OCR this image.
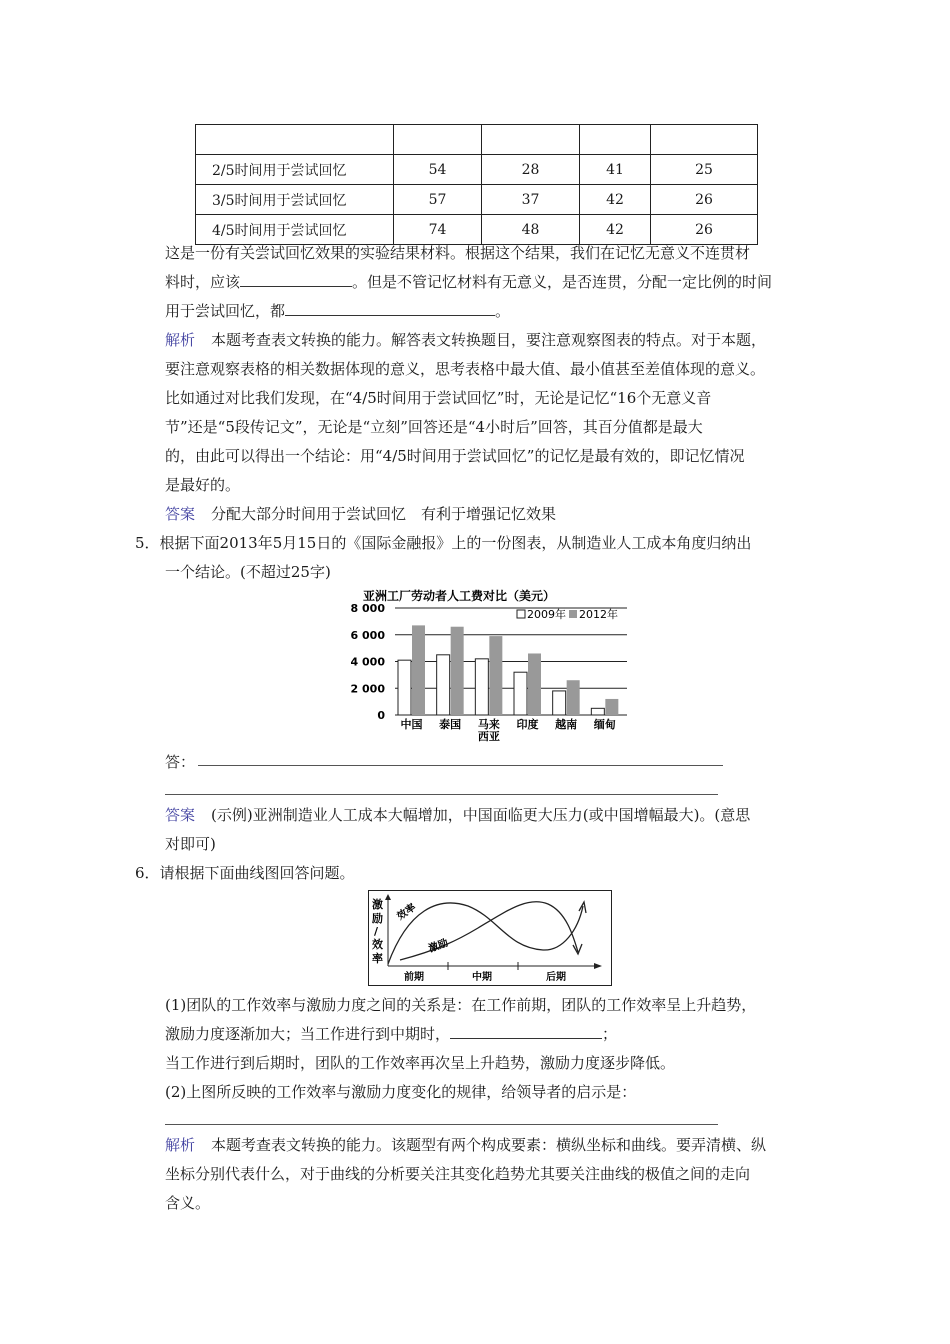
2/5时间用于尝试回忆	54	28	41	25
3/5时间用于尝试回忆	57	37	42	26
4/5时间用于尝试回忆	74	48	42	26
这是一份有关尝试回忆效果的实验结果材料。根据这个结果，我们在记忆无意义不连贯材
料时，应该	。但是不管记忆材料有无意义，是否连贯，分配一定比例的时间
用于尝试回忆，都	。
解析 本题考查表文转换的能力。解答表文转换题目，要注意观察图表的特点。对于本题，
要注意观察表格的相关数据体现的意义，思考表格中最大值、最小值甚至差值体现的意义。
比如通过对比我们发现，在“4/5时间用于尝试回忆”时，无论是记忆“16个无意义音
节”还是“5段传记文”，无论是“立刻”回答还是“4小时后”回答，其百分值都是最大
的，由此可以得出一个结论：用“4/5时间用于尝试回忆”的记忆是最有效的，即记忆情况
是最好的。
答案 分配大部分时间用于尝试回忆　有利于增强记忆效果
5．根据下面2013年5月15日的《国际金融报》上的一份图表，从制造业人工成本角度归纳出
一个结论。(不超过25字)
亚洲工厂劳动者人工费对比（美元）
8 000
6 000
4 000
2 000
0
中国 泰国 马来
西亚
印度 越南 缅甸
2009年 2012年
答：
答案 (示例)亚洲制造业人工成本大幅增加，中国面临更大压力(或中国增幅最大)。(意思
对即可)
6．请根据下面曲线图回答问题。
激
励
/
效
率
效率
激励
前期	中期	后期
(1)团队的工作效率与激励力度之间的关系是：在工作前期，团队的工作效率呈上升趋势，
激励力度逐渐加大；当工作进行到中期时，	；
当工作进行到后期时，团队的工作效率再次呈上升趋势，激励力度逐步降低。
(2)上图所反映的工作效率与激励力度变化的规律，给领导者的启示是：
解析 本题考查表文转换的能力。该题型有两个构成要素：横纵坐标和曲线。要弄清横、纵
坐标分别代表什么，对于曲线的分析要关注其变化趋势尤其要关注曲线的极值之间的走向
含义。
